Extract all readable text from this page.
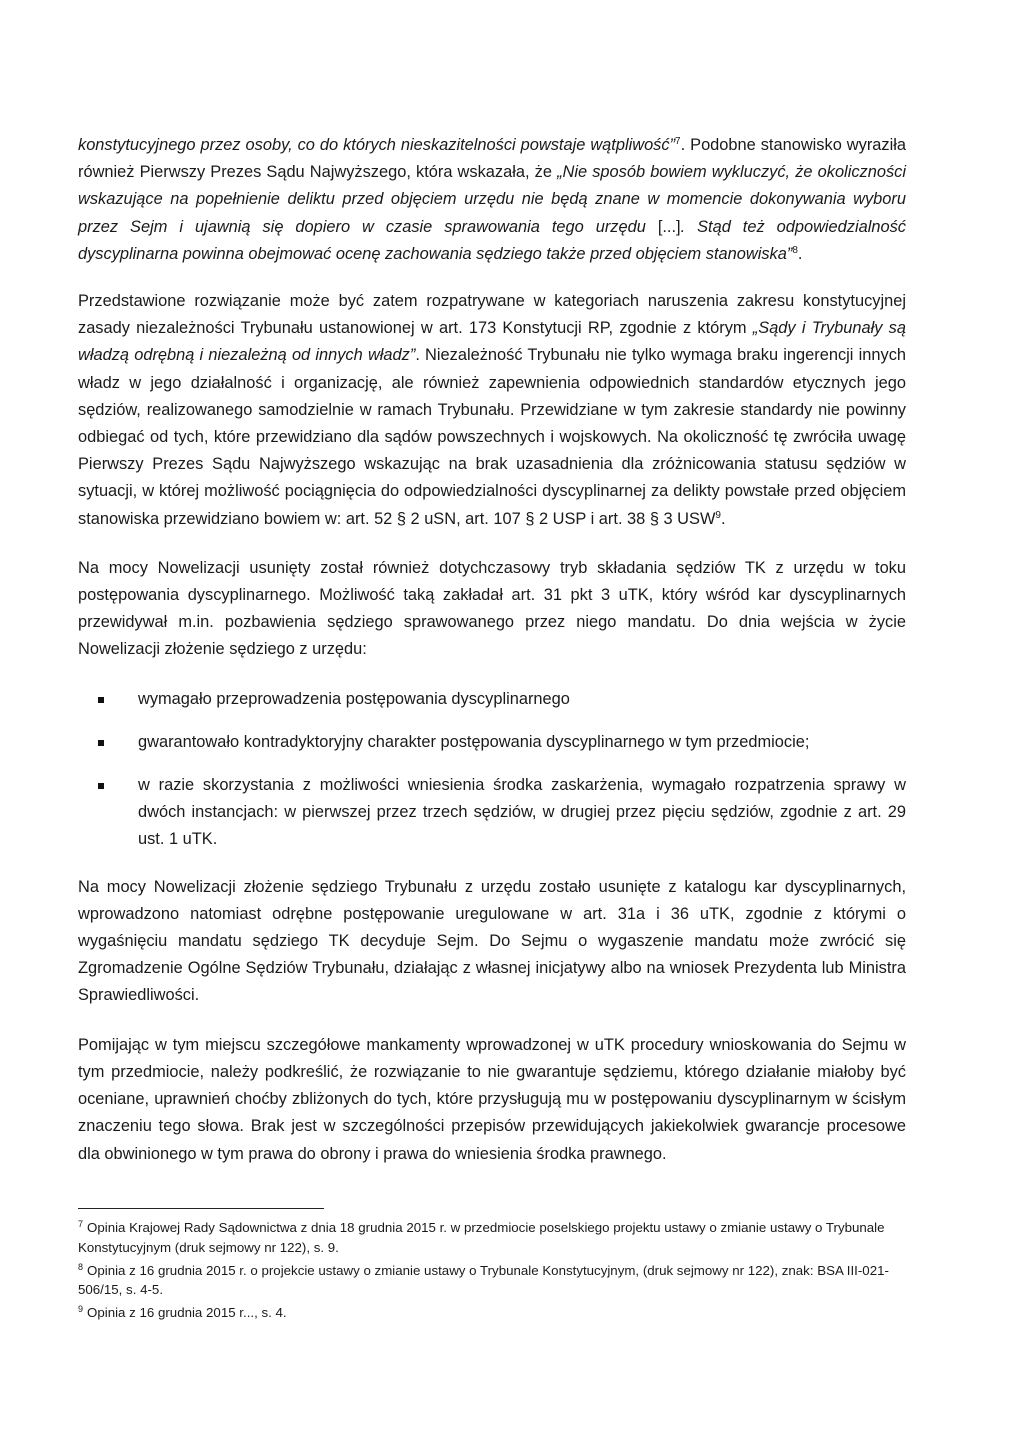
konstytucyjnego przez osoby, co do których nieskazitelności powstaje wątpliwość”$^7$. Podobne stanowisko wyraziła również Pierwszy Prezes Sądu Najwyższego, która wskazała, że „Nie sposób bowiem wykluczyć, że okoliczności wskazujące na popełnienie deliktu przed objęciem urzędu nie będą znane w momencie dokonywania wyboru przez Sejm i ujawnią się dopiero w czasie sprawowania tego urzędu [...]. Stąd też odpowiedzialność dyscyplinarna powinna obejmować ocenę zachowania sędziego także przed objęciem stanowiska”$^8$.

Przedstawione rozwiązanie może być zatem rozpatrywane w kategoriach naruszenia zakresu konstytucyjnej zasady niezależności Trybunału ustanowionej w art. 173 Konstytucji RP, zgodnie z którym „Sądy i Trybunały są władzą odrębną i niezależną od innych władz”. Niezależność Trybunału nie tylko wymaga braku ingerencji innych władz w jego działalność i organizację, ale również zapewnienia odpowiednich standardów etycznych jego sędziów, realizowanego samodzielnie w ramach Trybunału. Przewidziane w tym zakresie standardy nie powinny odbiegać od tych, które przewidziano dla sądów powszechnych i wojskowych. Na okoliczność tę zwróciła uwagę Pierwszy Prezes Sądu Najwyższego wskazując na brak uzasadnienia dla zróżnicowania statusu sędziów w sytuacji, w której możliwość pociągnięcia do odpowiedzialności dyscyplinarnej za delikty powstałe przed objęciem stanowiska przewidziano bowiem w: art. 52 § 2 uSN, art. 107 § 2 USP i art. 38 § 3 USW$^9$.

Na mocy Nowelizacji usunięty został również dotychczasowy tryb składania sędziów TK z urzędu w toku postępowania dyscyplinarnego. Możliwość taką zakładał art. 31 pkt 3 uTK, który wśród kar dyscyplinarnych przewidywał m.in. pozbawienia sędziego sprawowanego przez niego mandatu. Do dnia wejścia w życie Nowelizacji złożenie sędziego z urzędu:

wymagało przeprowadzenia postępowania dyscyplinarnego
gwarantowało kontradyktoryjny charakter postępowania dyscyplinarnego w tym przedmiocie;
w razie skorzystania z możliwości wniesienia środka zaskarżenia, wymagało rozpatrzenia sprawy w dwóch instancjach: w pierwszej przez trzech sędziów, w drugiej przez pięciu sędziów, zgodnie z art. 29 ust. 1 uTK.

Na mocy Nowelizacji złożenie sędziego Trybunału z urzędu zostało usunięte z katalogu kar dyscyplinarnych, wprowadzono natomiast odrębne postępowanie uregulowane w art. 31a i 36 uTK, zgodnie z którymi o wygaśnięciu mandatu sędziego TK decyduje Sejm. Do Sejmu o wygaszenie mandatu może zwrócić się Zgromadzenie Ogólne Sędziów Trybunału, działając z własnej inicjatywy albo na wniosek Prezydenta lub Ministra Sprawiedliwości.

Pomijając w tym miejscu szczegółowe mankamenty wprowadzonej w uTK procedury wnioskowania do Sejmu w tym przedmiocie, należy podkreślić, że rozwiązanie to nie gwarantuje sędziemu, którego działanie miałoby być oceniane, uprawnień choćby zbliżonych do tych, które przysługują mu w postępowaniu dyscyplinarnym w ścisłym znaczeniu tego słowa. Brak jest w szczególności przepisów przewidujących jakiekolwiek gwarancje procesowe dla obwinionego w tym prawa do obrony i prawa do wniesienia środka prawnego.

$^7$ Opinia Krajowej Rady Sądownictwa z dnia 18 grudnia 2015 r. w przedmiocie poselskiego projektu ustawy o zmianie ustawy o Trybunale Konstytucyjnym (druk sejmowy nr 122), s. 9.

$^8$ Opinia z 16 grudnia 2015 r. o projekcie ustawy o zmianie ustawy o Trybunale Konstytucyjnym, (druk sejmowy nr 122), znak: BSA III-021-506/15, s. 4-5.

$^9$ Opinia z 16 grudnia 2015 r..., s. 4.
